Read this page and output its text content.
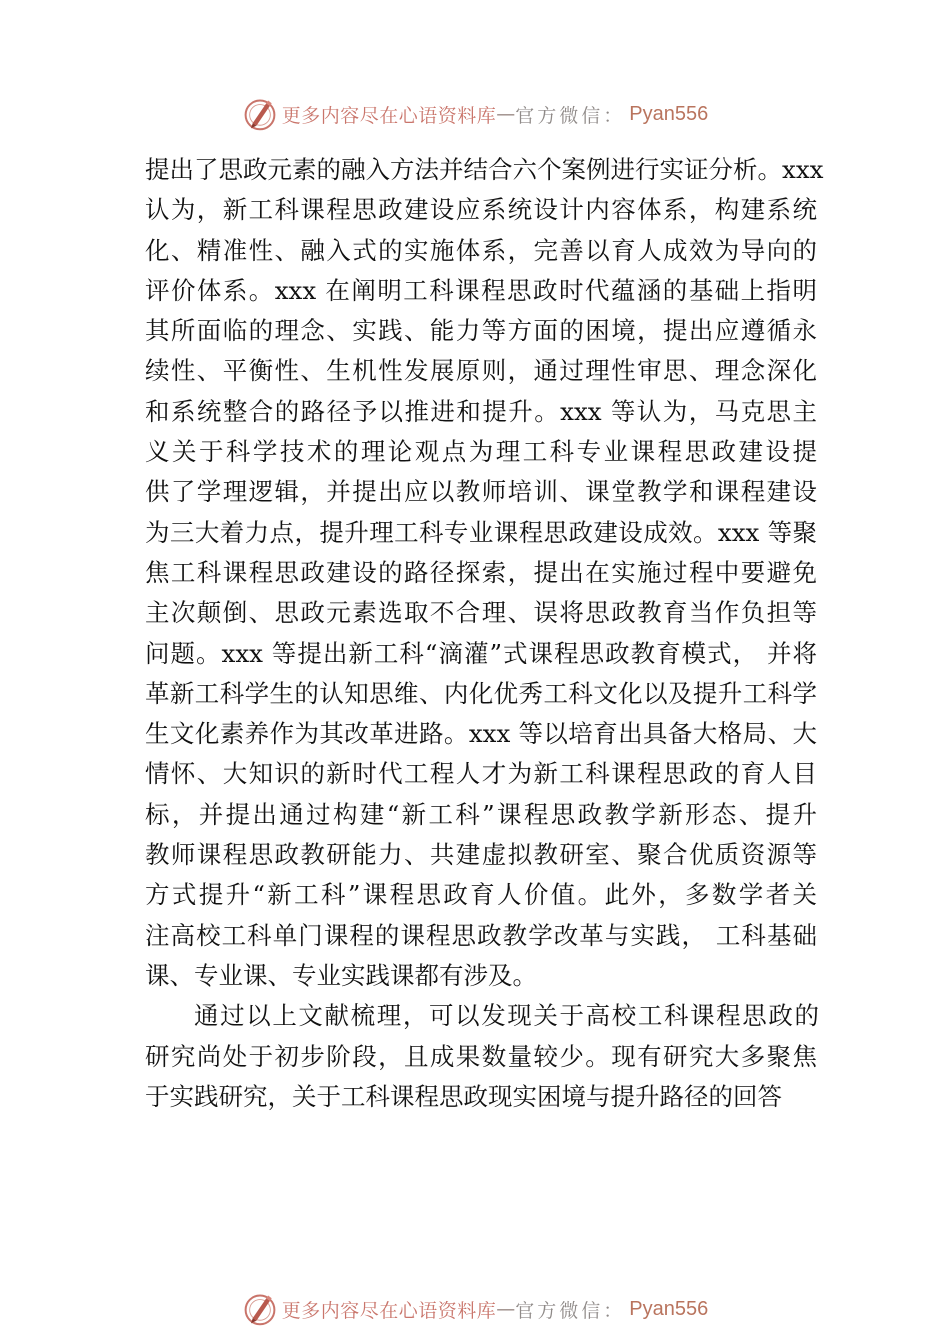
更多内容尽在心语资料库 — 官方微信： Pyan556
提出了思政元素的融入方法并结合六个案例进行实证分析。xxx
认为，新工科课程思政建设应系统设计内容体系，构建系统
化、精准性、融入式的实施体系，完善以育人成效为导向的
评价体系。xxx 在阐明工科课程思政时代蕴涵的基础上指明
其所面临的理念、实践、能力等方面的困境，提出应遵循永
续性、平衡性、生机性发展原则，通过理性审思、理念深化
和系统整合的路径予以推进和提升。xxx 等认为，马克思主
义关于科学技术的理论观点为理工科专业课程思政建设提
供了学理逻辑，并提出应以教师培训、课堂教学和课程建设
为三大着力点，提升理工科专业课程思政建设成效。xxx 等聚
焦工科课程思政建设的路径探索，提出在实施过程中要避免
主次颠倒、思政元素选取不合理、误将思政教育当作负担等
问题。xxx 等提出新工科“滴灌”式课程思政教育模式， 并将
革新工科学生的认知思维、内化优秀工科文化以及提升工科学
生文化素养作为其改革进路。xxx 等以培育出具备大格局、大
情怀、大知识的新时代工程人才为新工科课程思政的育人目
标，并提出通过构建“新工科”课程思政教学新形态、提升
教师课程思政教研能力、共建虚拟教研室、聚合优质资源等
方式提升“新工科”课程思政育人价值。此外，多数学者关
注高校工科单门课程的课程思政教学改革与实践， 工科基础
课、专业课、专业实践课都有涉及。
通过以上文献梳理，可以发现关于高校工科课程思政的
研究尚处于初步阶段，且成果数量较少。现有研究大多聚焦
于实践研究，关于工科课程思政现实困境与提升路径的回答
更多内容尽在心语资料库 — 官方微信： Pyan556
